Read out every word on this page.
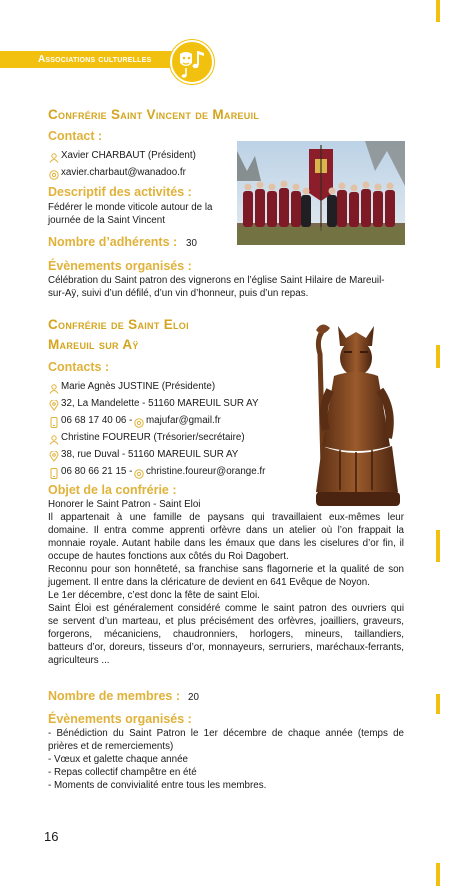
Associations culturelles
Confrérie Saint Vincent de Mareuil
Contact :
Xavier CHARBAUT (Président)
xavier.charbaut@wanadoo.fr
Descriptif des activités :
Fédérer le monde viticole autour de la
journée de la Saint Vincent
Nombre d’adhérents : 30
Évènements organisés :
Célébration du Saint patron des vignerons en l’église Saint Hilaire de Mareuil-
sur-Aÿ, suivi d’un défilé, d’un vin d’honneur, puis d’un repas.
Confrérie de Saint Eloi
Mareuil sur Aÿ
Contacts :
Marie Agnès JUSTINE (Présidente)
32, La Mandelette - 51160 MAREUIL SUR AY
06 68 17 40 06 - majufar@gmail.fr
Christine FOUREUR (Trésorier/secrétaire)
38, rue Duval - 51160 MAREUIL SUR AY
06 80 66 21 15 - christine.foureur@orange.fr
Objet de la confrérie :
Honorer le Saint Patron - Saint Eloi
Il appartenait à une famille de paysans qui travaillaient eux-mêmes leur
domaine. Il entra comme apprenti orfèvre dans un atelier où l’on frappait la
monnaie royale. Autant habile dans les émaux que dans les ciselures d’or fin, il
occupe de hautes fonctions aux côtés du Roi Dagobert.
Reconnu pour son honnêteté, sa franchise sans flagornerie et la qualité de son
jugement. Il entre dans la cléricature de devient en 641 Evêque de Noyon.
Le 1er décembre, c’est donc la fête de saint Eloi.
Saint Éloi est généralement considéré comme le saint patron des ouvriers qui
se servent d’un marteau, et plus précisément des orfèvres, joailliers, graveurs,
forgerons, mécaniciens, chaudronniers, horlogers, mineurs, taillandiers,
batteurs d’or, doreurs, tisseurs d’or, monnayeurs, serruriers, maréchaux-ferrants,
agriculteurs ...
Nombre de membres : 20
Évènements organisés :
- Bénédiction du Saint Patron le 1er décembre de chaque année (temps de
prières et de remerciements)
- Vœux et galette chaque année
- Repas collectif champêtre en été
- Moments de convivialité entre tous les membres.
16
